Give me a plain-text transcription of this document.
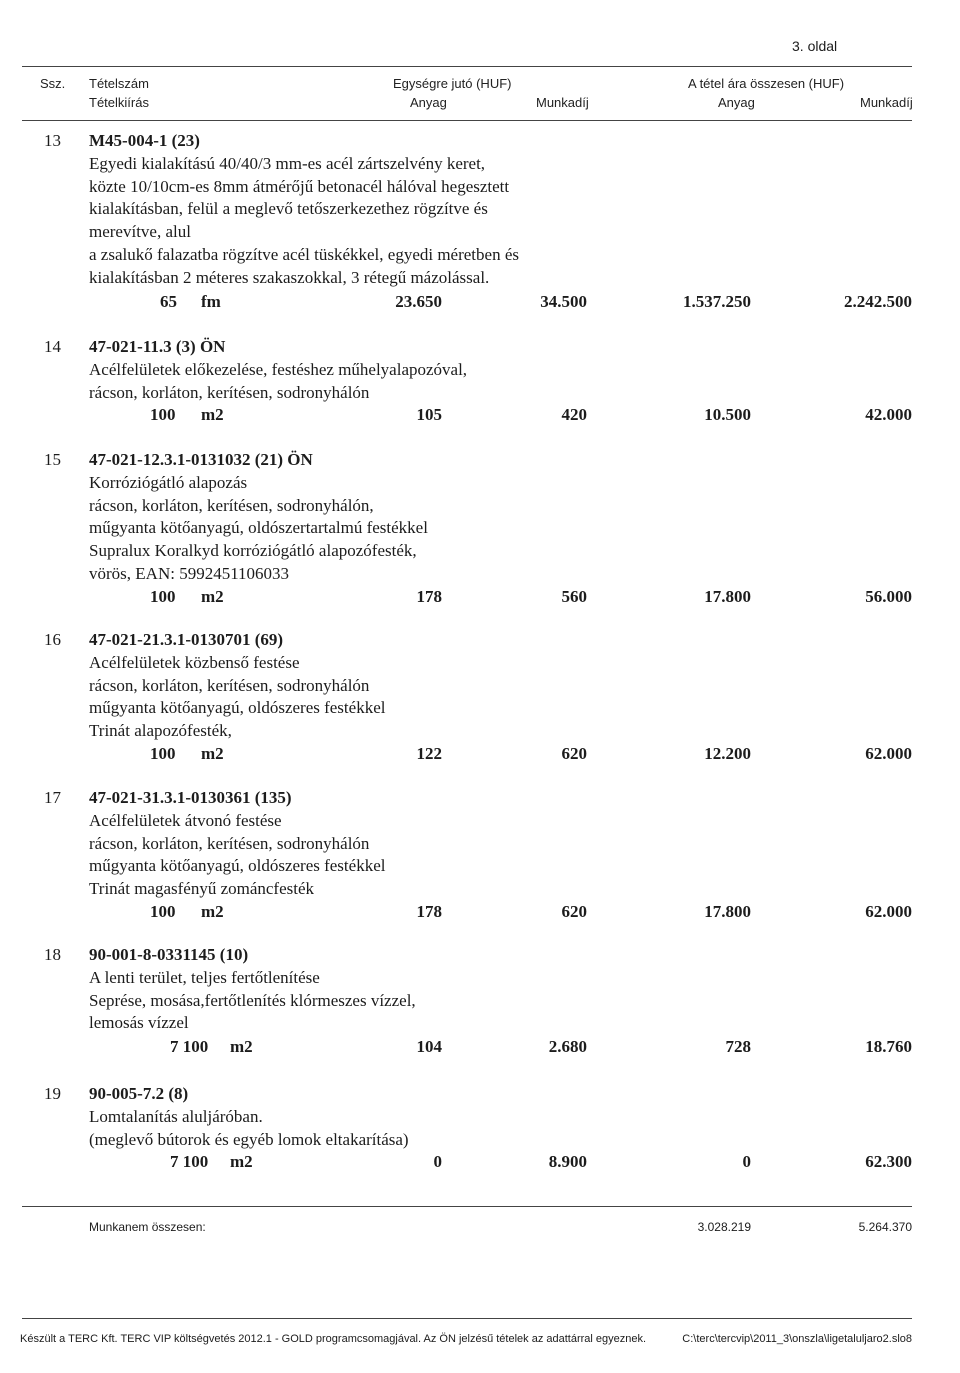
3. oldal
Ssz. Tételszám
Tételkiírás
Egységre jutó (HUF)
Anyag	Munkadíj
A tétel ára összesen (HUF)
Anyag	Munkadíj
13 M45-004-1 (23)
Egyedi kialakítású 40/40/3 mm-es acél zártszelvény keret,
közte 10/10cm-es 8mm átmérőjű betonacél hálóval hegesztett
kialakításban, felül a meglevő tetőszerkezethez rögzítve és
merevítve, alul
a zsalukő falazatba rögzítve acél tüskékkel, egyedi méretben és
kialakításban 2 méteres szakaszokkal, 3 rétegű mázolással.
65 fm	23.650	34.500	1.537.250	2.242.500
14 47-021-11.3 (3) ÖN
Acélfelületek előkezelése, festéshez műhelyalapozóval,
rácson, korláton, kerítésen, sodronyhálón
100 m2	105	420	10.500	42.000
15 47-021-12.3.1-0131032 (21) ÖN
Korróziógátló alapozás
rácson, korláton, kerítésen, sodronyhálón,
műgyanta kötőanyagú, oldószertartalmú festékkel
Supralux Koralkyd korróziógátló alapozófesték,
vörös, EAN: 5992451106033
100 m2	178	560	17.800	56.000
16 47-021-21.3.1-0130701 (69)
Acélfelületek közbenső festése
rácson, korláton, kerítésen, sodronyhálón
műgyanta kötőanyagú, oldószeres festékkel
Trinát alapozófesték,
100 m2	122	620	12.200	62.000
17 47-021-31.3.1-0130361 (135)
Acélfelületek átvonó festése
rácson, korláton, kerítésen, sodronyhálón
műgyanta kötőanyagú, oldószeres festékkel
Trinát magasfényű zománcfesték
100 m2	178	620	17.800	62.000
18 90-001-8-0331145 (10)
A lenti terület, teljes fertőtlenítése
Seprése, mosása,fertőtlenítés klórmeszes vízzel,
lemosás vízzel
7 100 m2	104	2.680	728	18.760
19 90-005-7.2 (8)
Lomtalanítás aluljáróban.
(meglevő bútorok és egyéb lomok eltakarítása)
7 100 m2	0	8.900	0	62.300
Munkanem összesen:	3.028.219	5.264.370
Készült a TERC Kft. TERC VIP költségvetés 2012.1 - GOLD programcsomagjával. Az ÖN jelzésű tételek az adattárral egyeznek.	C:\terc\tercvip\2011_3\onszla\ligetaluljaro2.slo8
